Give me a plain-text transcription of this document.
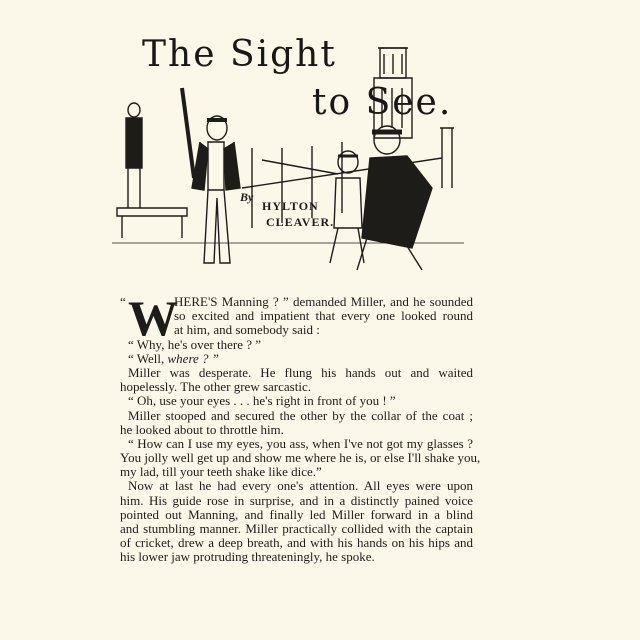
The Sight
to See.
By
HYLTON
CLEAVER.
“ W
HERE'S Manning ? ” demanded Miller, and he sounded
so excited and impatient that every one looked round
at him, and somebody said :
“ Why, he's over there ? ”
“ Well, where ? ”
Miller was desperate. He flung his hands out and waited
hopelessly. The other grew sarcastic.
“ Oh, use your eyes . . . he's right in front of you ! ”
Miller stooped and secured the other by the collar of the coat ;
he looked about to throttle him.
“ How can I use my eyes, you ass, when I've not got my glasses ?
You jolly well get up and show me where he is, or else I'll shake you,
my lad, till your teeth shake like dice.”
Now at last he had every one's attention. All eyes were upon
him. His guide rose in surprise, and in a distinctly pained voice
pointed out Manning, and finally led Miller forward in a blind
and stumbling manner. Miller practically collided with the captain
of cricket, drew a deep breath, and with his hands on his hips and
his lower jaw protruding threateningly, he spoke.
